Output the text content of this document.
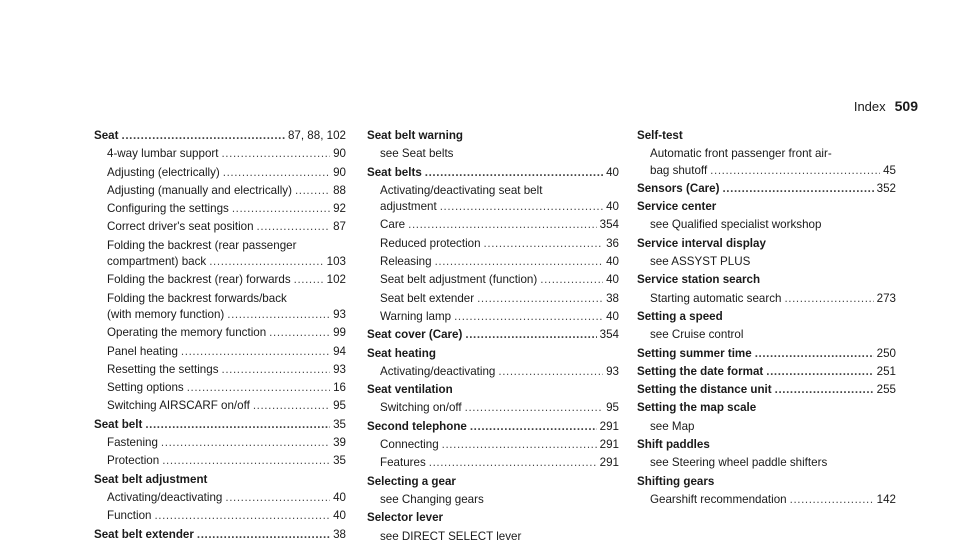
Index 509
Seat .....	87, 88, 102
4-way lumbar support .....	90
Adjusting (electrically) .....	90
Adjusting (manually and electrically) .....	88
Configuring the settings .....	92
Correct driver's seat position .....	87
Folding the backrest (rear passenger
compartment) back .....	103
Folding the backrest (rear) forwards .....	102
Folding the backrest forwards/back
(with memory function) .....	93
Operating the memory function .....	99
Panel heating .....	94
Resetting the settings .....	93
Setting options .....	16
Switching AIRSCARF on/off .....	95
Seat belt .....	35
Fastening .....	39
Protection .....	35
Seat belt adjustment
Activating/deactivating .....	40
Function .....	40
Seat belt extender .....	38
Seat belt warning
see Seat belts
Seat belts .....	40
Activating/deactivating seat belt
adjustment .....	40
Care .....	354
Reduced protection .....	36
Releasing .....	40
Seat belt adjustment (function) .....	40
Seat belt extender .....	38
Warning lamp .....	40
Seat cover (Care) .....	354
Seat heating
Activating/deactivating .....	93
Seat ventilation
Switching on/off .....	95
Second telephone .....	291
Connecting .....	291
Features .....	291
Selecting a gear
see Changing gears
Selector lever
see DIRECT SELECT lever
Self-test
Automatic front passenger front air-
bag shutoff .....	45
Sensors (Care) .....	352
Service center
see Qualified specialist workshop
Service interval display
see ASSYST PLUS
Service station search
Starting automatic search .....	273
Setting a speed
see Cruise control
Setting summer time .....	250
Setting the date format .....	251
Setting the distance unit .....	255
Setting the map scale
see Map
Shift paddles
see Steering wheel paddle shifters
Shifting gears
Gearshift recommendation .....	142
